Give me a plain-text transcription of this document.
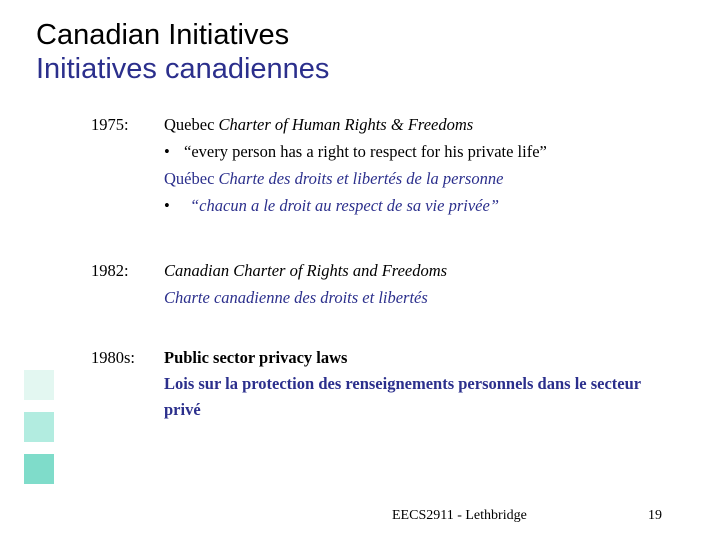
Canadian Initiatives
Initiatives canadiennes
1975: Quebec Charter of Human Rights & Freedoms
• “every person has a right to respect for his private life”
Québec Charte des droits et libertés de la personne
• “chacun a le droit au respect de sa vie privée”
1982: Canadian Charter of Rights and Freedoms
Charte canadienne des droits et libertés
1980s: Public sector privacy laws
Lois sur la protection des renseignements personnels dans le secteur privé
EECS2911 - Lethbridge	19
